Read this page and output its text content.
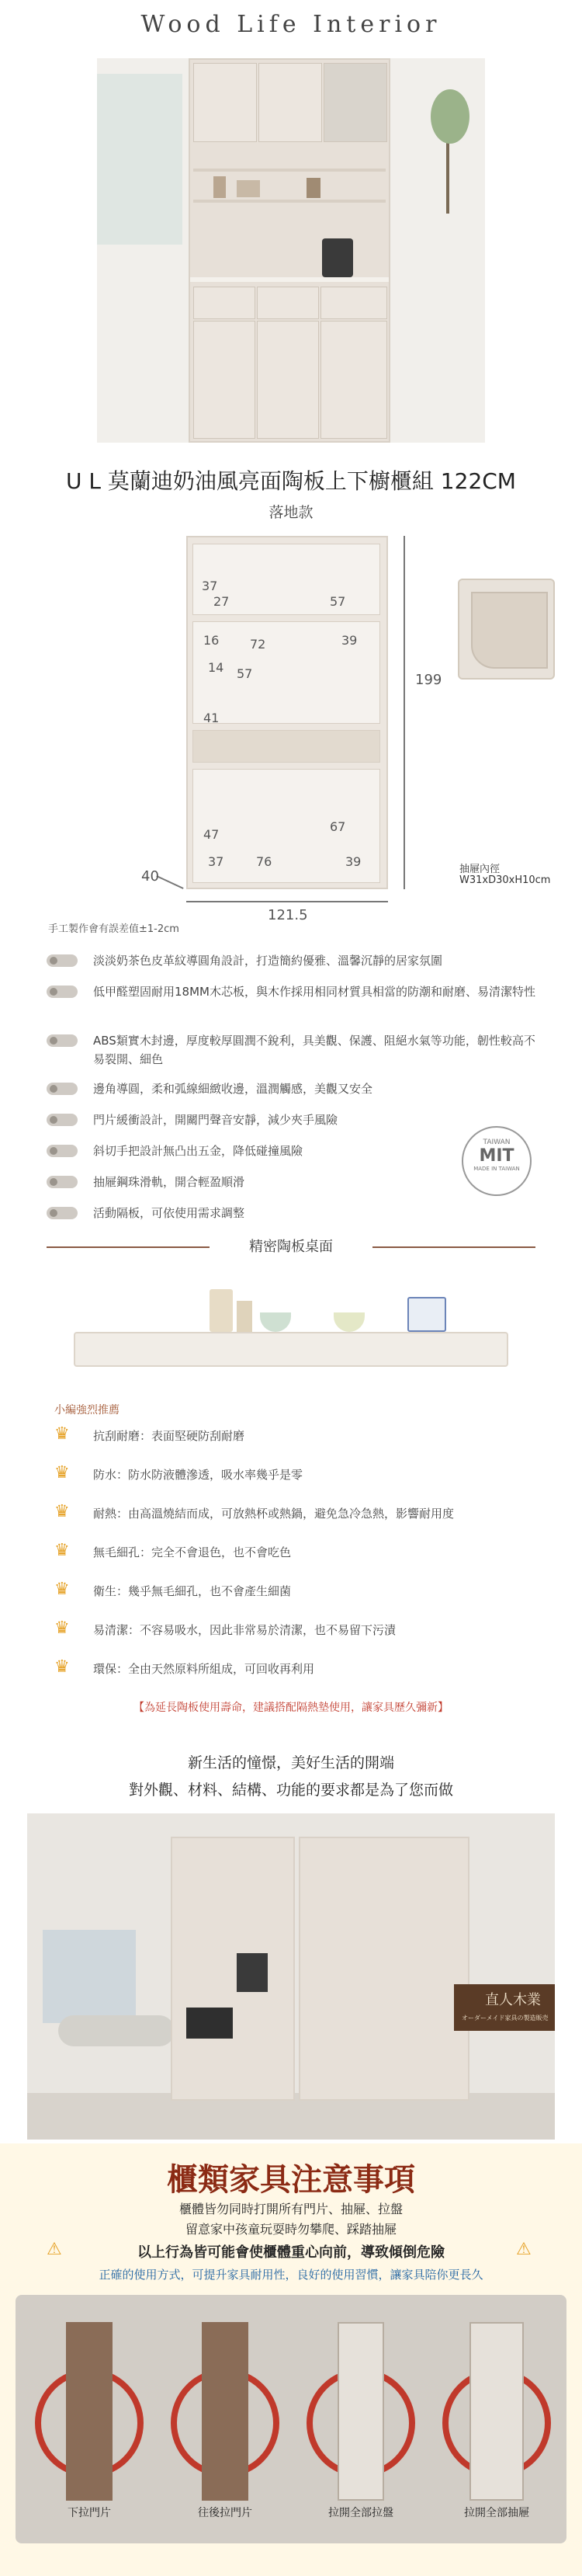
Wood Life Interior
U L 莫蘭迪奶油風亮面陶板上下櫥櫃組 122CM
落地款
37
27	57
16 72	39
14 57
41
47
67
37	76	39
199
121.5
40	抽屜內徑
W31xD30xH10cm
手工製作會有誤差值±1-2cm
淡淡奶茶色皮革紋導圓角設計，打造簡約優雅、溫馨沉靜的居家氛圍
低甲醛塑固耐用18MM木芯板，與木作採用相同材質具相當的防潮和耐磨、易清潔特性
ABS類實木封邊，厚度較厚圓潤不銳利，具美觀、保護、阻絕水氣等功能，韌性較高不易裂開、細色
邊角導圓，柔和弧線細緻收邊，溫潤觸感，美觀又安全
門片緩衝設計，開關門聲音安靜，減少夾手風險
斜切手把設計無凸出五金，降低碰撞風險
抽屜鋼珠滑軌，開合輕盈順滑
活動隔板，可依使用需求調整
TAIWAN
MIT
MADE IN TAIWAN
精密陶板桌面
小編強烈推薦
♛ 抗刮耐磨：表面堅硬防刮耐磨
♛ 防水：防水防液體滲透，吸水率幾乎是零
♛ 耐熱：由高溫燒結而成，可放熱杯或熱鍋，避免急冷急熱，影響耐用度
♛ 無毛細孔：完全不會退色，也不會吃色
♛ 衛生：幾乎無毛細孔，也不會產生細菌
♛ 易清潔：不容易吸水，因此非常易於清潔，也不易留下污漬
♛ 環保：全由天然原料所組成，可回收再利用
【為延長陶板使用壽命，建議搭配隔熱墊使用，讓家具歷久彌新】
新生活的憧憬，美好生活的開端
對外觀、材料、結構、功能的要求都是為了您而做
直人木業
オーダーメイド家具の製造販売
櫃類家具注意事項
櫃體皆勿同時打開所有門片、抽屜、拉盤
留意家中孩童玩耍時勿攀爬、踩踏抽屜
⚠	以上行為皆可能會使櫃體重心向前，導致傾倒危險	⚠
正確的使用方式，可提升家具耐用性，良好的使用習慣，讓家具陪你更長久
下拉門片	往後拉門片	拉開全部拉盤	拉開全部抽屜
